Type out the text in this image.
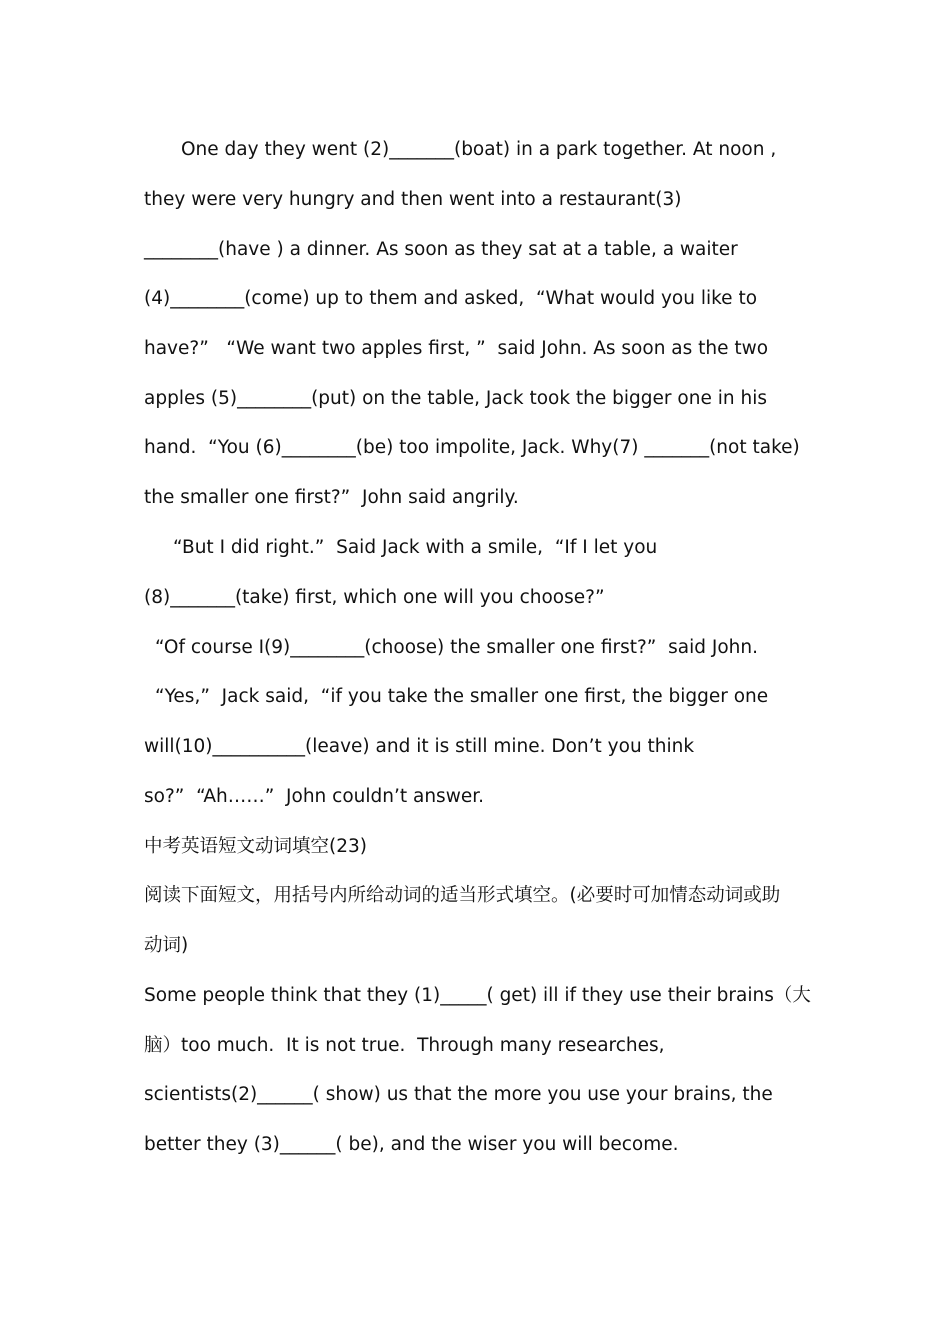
One day they went (2)_______(boat) in a park together. At noon ,
they were very hungry and then went into a restaurant(3)
________(have ) a dinner. As soon as they sat at a table, a waiter
(4)________(come) up to them and asked,  “What would you like to
have?”   “We want two apples first, ”  said John. As soon as the two
apples (5)________(put) on the table, Jack took the bigger one in his
hand.  “You (6)________(be) too impolite, Jack. Why(7) _______(not take)
the smaller one first?”  John said angrily.
“But I did right.”  Said Jack with a smile,  “If I let you
(8)_______(take) first, which one will you choose?”
“Of course I(9)________(choose) the smaller one first?”  said John.
“Yes,”  Jack said,  “if you take the smaller one first, the bigger one
will(10)__________(leave) and it is still mine. Don’t you think
so?”  “Ah……”  John couldn’t answer.
中考英语短文动词填空(23)
阅读下面短文，用括号内所给动词的适当形式填空。(必要时可加情态动词或助
动词)
Some people think that they (1)_____( get) ill if they use their brains（大
脑）too much.  It is not true.  Through many researches,
scientists(2)______( show) us that the more you use your brains, the
better they (3)______( be), and the wiser you will become.
